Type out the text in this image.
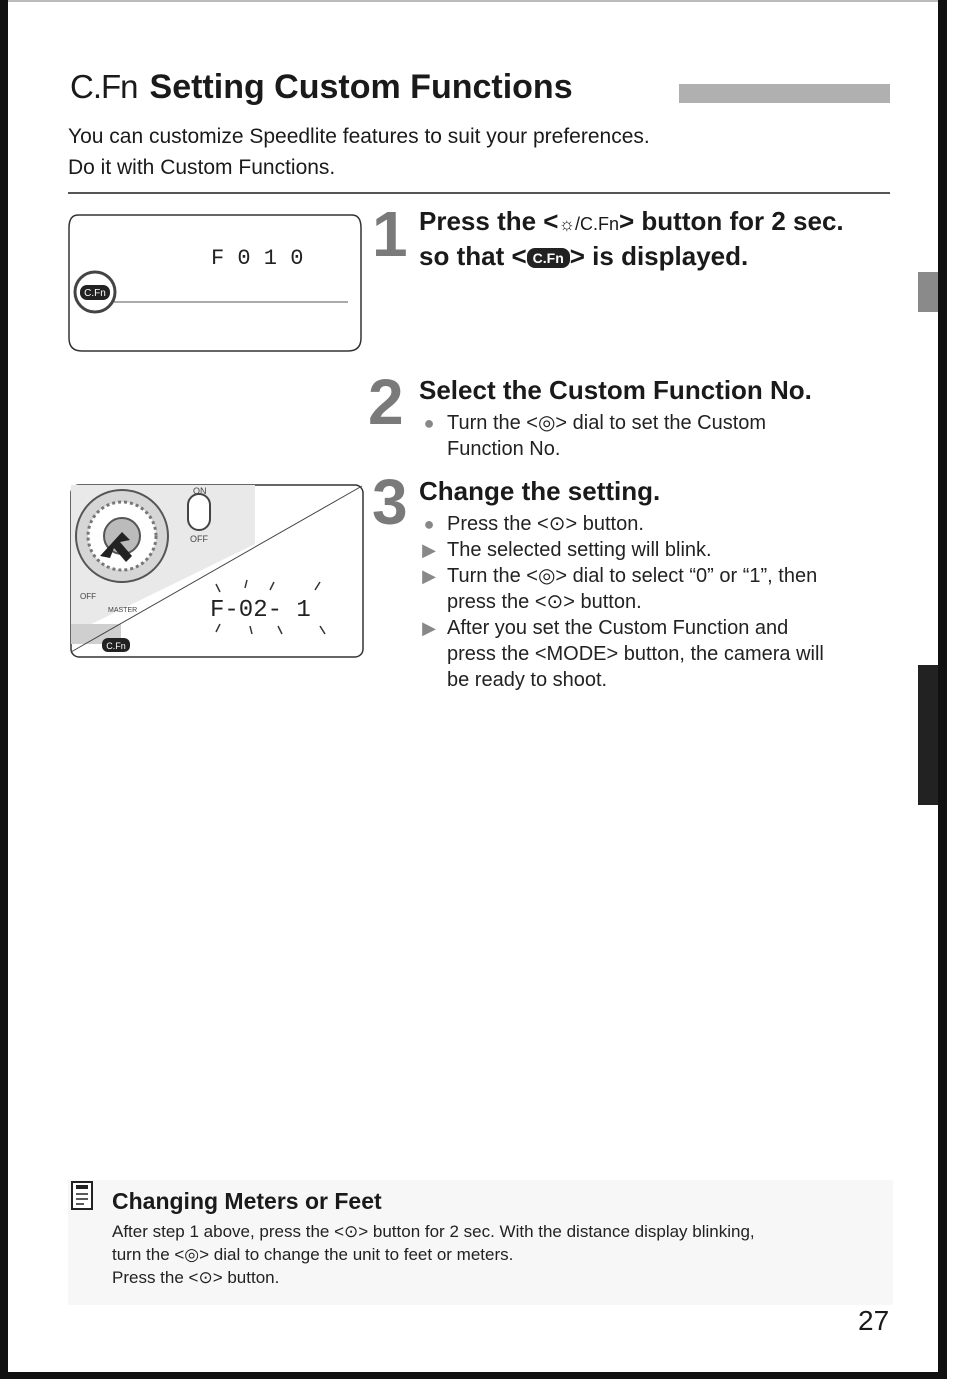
C.Fn Setting Custom Functions
You can customize Speedlite features to suit your preferences.
Do it with Custom Functions.
F 0 1 0
C.Fn
ON
OFF
OFF
MASTER
C.Fn
F-02- 1
1
2
3
Press the <☼/C.Fn> button for 2 sec.
so that < C.Fn > is displayed.
Select the Custom Function No.
● Turn the <◎> dial to set the Custom
Function No.
Change the setting.
● Press the <⊙> button.
▶ The selected setting will blink.
▶ Turn the <◎> dial to select “0” or “1”, then
press the <⊙> button.
▶ After you set the Custom Function and
press the <MODE> button, the camera will
be ready to shoot.
Changing Meters or Feet
After step 1 above, press the <⊙> button for 2 sec. With the distance display blinking,
turn the <◎> dial to change the unit to feet or meters.
Press the <⊙> button.
27
